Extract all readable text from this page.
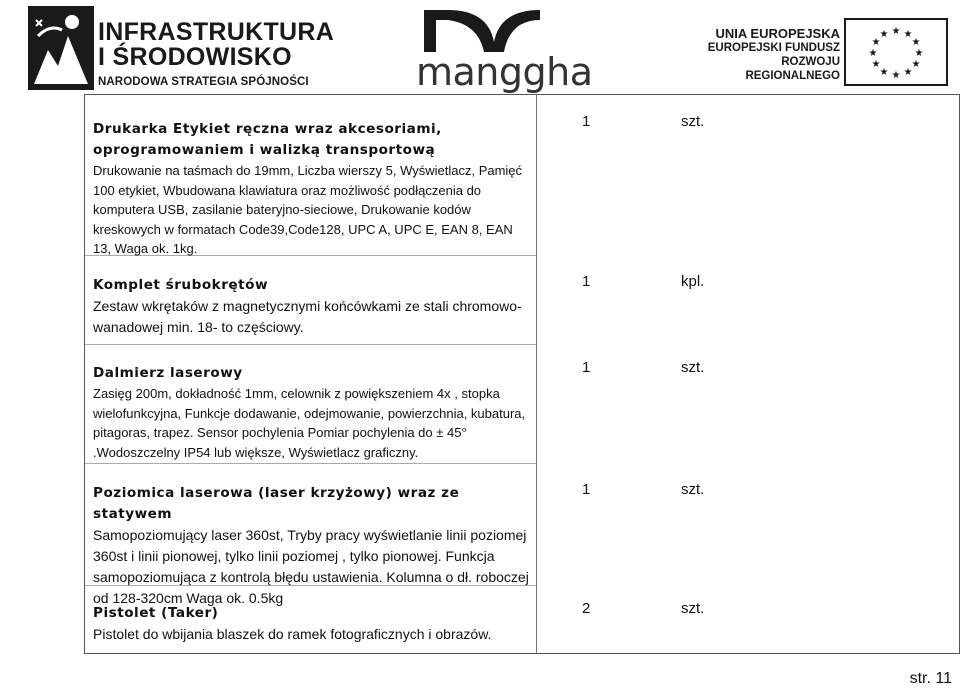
INFRASTRUKTURA
I ŚRODOWISKO
NARODOWA STRATEGIA SPÓJNOŚCI	manggha
UNIA EUROPEJSKA
EUROPEJSKI FUNDUSZ
ROZWOJU REGIONALNEGO
★ ★
★
★
★
★
★
★
★
★
★
★

Drukarka Etykiet ręczna wraz akcesoriami, oprogramowaniem i walizką transportową

Drukowanie na taśmach do 19mm, Liczba wierszy 5, Wyświetlacz, Pamięć 100 etykiet, Wbudowana klawiatura oraz możliwość podłączenia do komputera USB, zasilanie bateryjno-sieciowe, Drukowanie kodów kreskowych w formatach Code39,Code128, UPC A, UPC E, EAN 8, EAN 13, Waga ok. 1kg.

1	szt.

Komplet śrubokrętów

Zestaw wkrętaków z magnetycznymi końcówkami ze stali chromowo-wanadowej min. 18- to częściowy.

1	kpl.

Dalmierz laserowy

Zasięg 200m, dokładność 1mm, celownik z powiększeniem 4x , stopka wielofunkcyjna, Funkcje dodawanie, odejmowanie, powierzchnia, kubatura, pitagoras, trapez. Sensor pochylenia Pomiar pochylenia do ± 45° .Wodoszczelny IP54 lub większe, Wyświetlacz graficzny.

1	szt.

Poziomica laserowa (laser krzyżowy) wraz ze statywem

Samopoziomujący laser 360st, Tryby pracy wyświetlanie linii poziomej 360st i linii pionowej, tylko linii poziomej , tylko pionowej. Funkcja samopoziomująca z kontrolą błędu ustawienia. Kolumna o dł. roboczej od 128-320cm Waga ok. 0.5kg

1	szt.

Pistolet (Taker)

Pistolet do wbijania blaszek do ramek fotograficznych i obrazów.

2	szt.
str. 11
